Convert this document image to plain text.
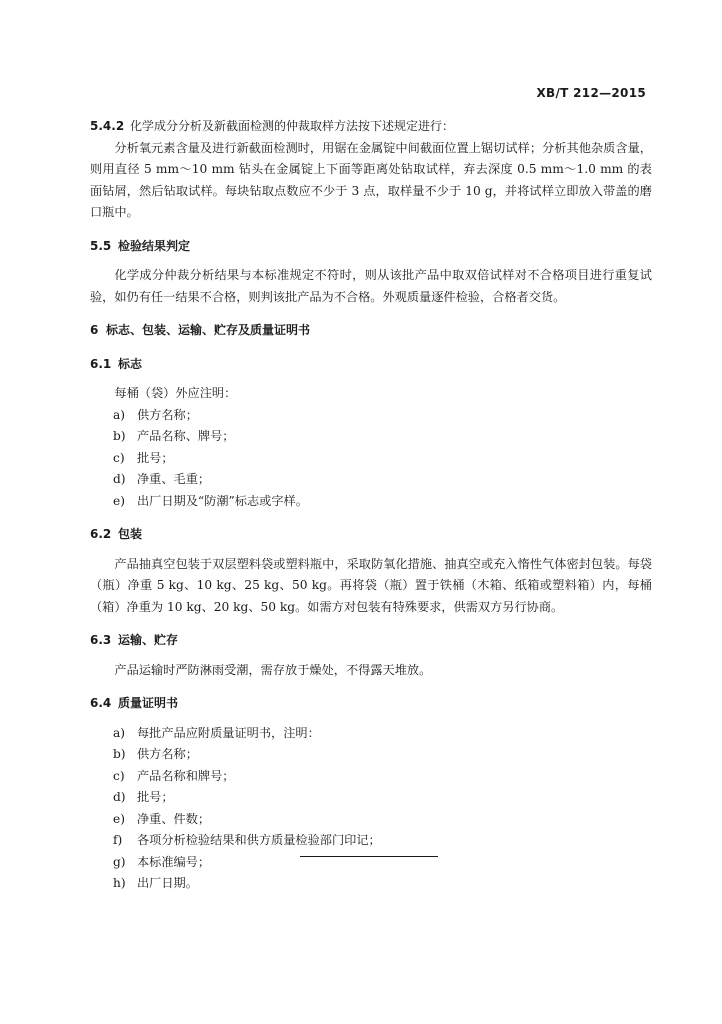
XB/T 212—2015

5.4.2 化学成分分析及新截面检测的仲裁取样方法按下述规定进行：

分析氧元素含量及进行新截面检测时，用锯在金属锭中间截面位置上锯切试样；分析其他杂质含量，则用直径 5 mm～10 mm 钻头在金属锭上下面等距离处钻取试样，弃去深度 0.5 mm～1.0 mm 的表面钻屑，然后钻取试样。每块钻取点数应不少于 3 点，取样量不少于 10 g，并将试样立即放入带盖的磨口瓶中。

5.5 检验结果判定

化学成分仲裁分析结果与本标准规定不符时，则从该批产品中取双倍试样对不合格项目进行重复试验，如仍有任一结果不合格，则判该批产品为不合格。外观质量逐件检验，合格者交货。

6 标志、包装、运输、贮存及质量证明书

6.1 标志

每桶（袋）外应注明：

a) 供方名称；
b) 产品名称、牌号；
c) 批号；
d) 净重、毛重；
e) 出厂日期及“防潮”标志或字样。

6.2 包装

产品抽真空包装于双层塑料袋或塑料瓶中，采取防氧化措施、抽真空或充入惰性气体密封包装。每袋（瓶）净重 5 kg、10 kg、25 kg、50 kg。再将袋（瓶）置于铁桶（木箱、纸箱或塑料箱）内，每桶（箱）净重为 10 kg、20 kg、50 kg。如需方对包装有特殊要求，供需双方另行协商。

6.3 运输、贮存

产品运输时严防淋雨受潮，需存放于燥处，不得露天堆放。

6.4 质量证明书

a) 每批产品应附质量证明书，注明：
b) 供方名称；
c) 产品名称和牌号；
d) 批号；
e) 净重、件数；
f) 各项分析检验结果和供方质量检验部门印记；
g) 本标准编号；
h) 出厂日期。
